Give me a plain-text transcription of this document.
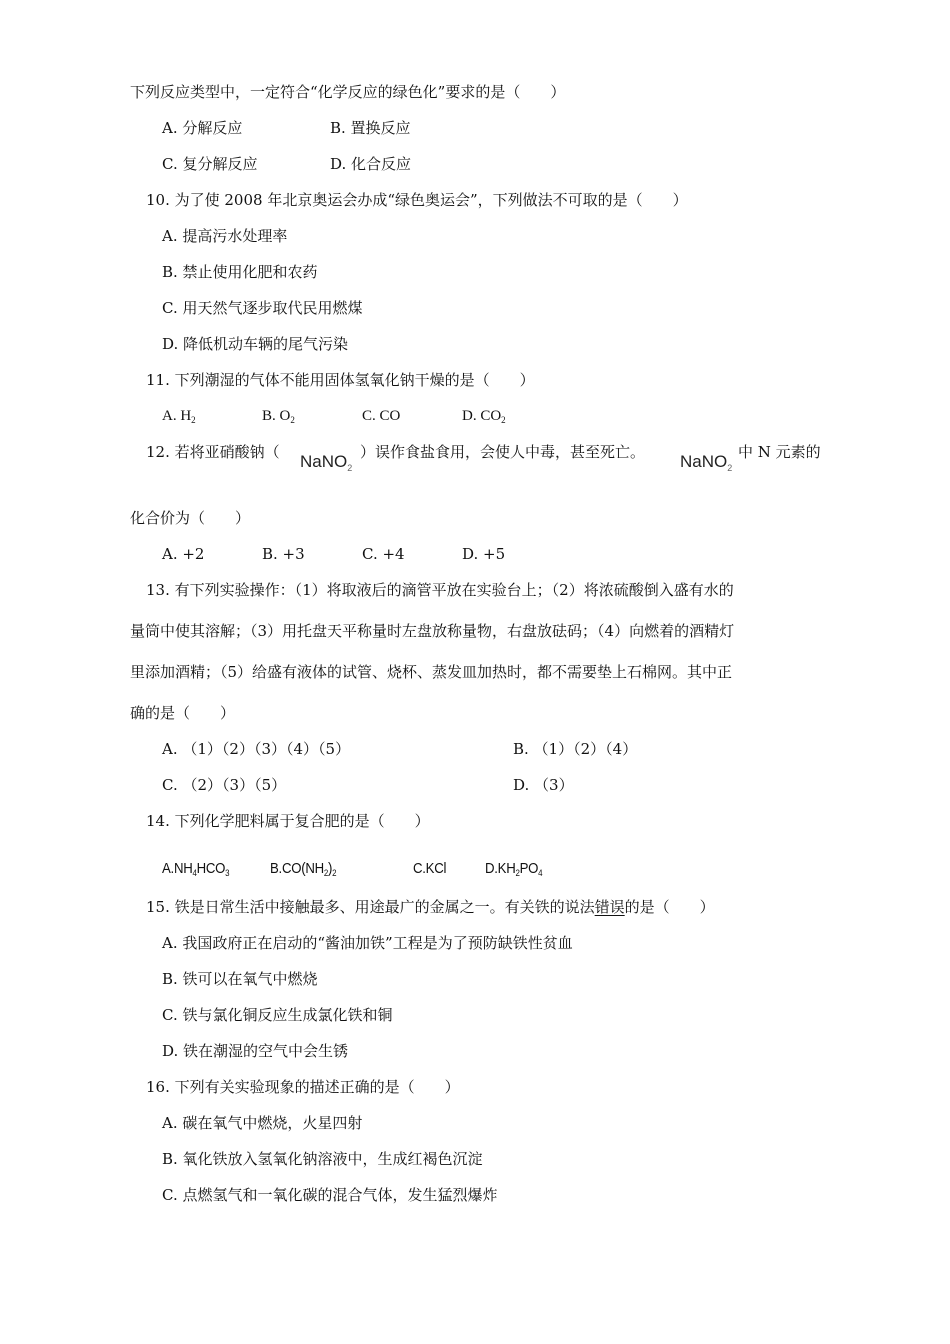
下列反应类型中，一定符合“化学反应的绿色化”要求的是（　　）
A. 分解反应	B. 置换反应
C. 复分解反应	D. 化合反应
10. 为了使 2008 年北京奥运会办成“绿色奥运会”，下列做法不可取的是（　　）
A. 提高污水处理率
B. 禁止使用化肥和农药
C. 用天然气逐步取代民用燃煤
D. 降低机动车辆的尾气污染
11. 下列潮湿的气体不能用固体氢氧化钠干燥的是（　　）
A. $H_2$	B. $O_2$	C. CO	D. $CO_2$
12. 若将亚硝酸钠（ NaNO$_2$
）误作食盐食用，会使人中毒，甚至死亡。 NaNO$_2$
中 N 元素的
化合价为（　　）
A. +2	B. +3	C. +4	D. +5
13. 有下列实验操作：（1）将取液后的滴管平放在实验台上；（2）将浓硫酸倒入盛有水的
量筒中使其溶解；（3）用托盘天平称量时左盘放称量物，右盘放砝码；（4）向燃着的酒精灯
里添加酒精；（5）给盛有液体的试管、烧杯、蒸发皿加热时，都不需要垫上石棉网。其中正
确的是（　　）
A. （1）（2）（3）（4）（5）	B. （1）（2）（4）
C. （2）（3）（5）	D. （3）
14. 下列化学肥料属于复合肥的是（　　）
$A.NH_4HCO_3$	$B.CO(NH_2)_2$	C.KCl	$D.KH_2PO_4$
15. 铁是日常生活中接触最多、用途最广的金属之一。有关铁的说法错误的是（　　）
A. 我国政府正在启动的“酱油加铁”工程是为了预防缺铁性贫血
B. 铁可以在氧气中燃烧
C. 铁与氯化铜反应生成氯化铁和铜
D. 铁在潮湿的空气中会生锈
16. 下列有关实验现象的描述正确的是（　　）
A. 碳在氧气中燃烧，火星四射
B. 氧化铁放入氢氧化钠溶液中，生成红褐色沉淀
C. 点燃氢气和一氧化碳的混合气体，发生猛烈爆炸
